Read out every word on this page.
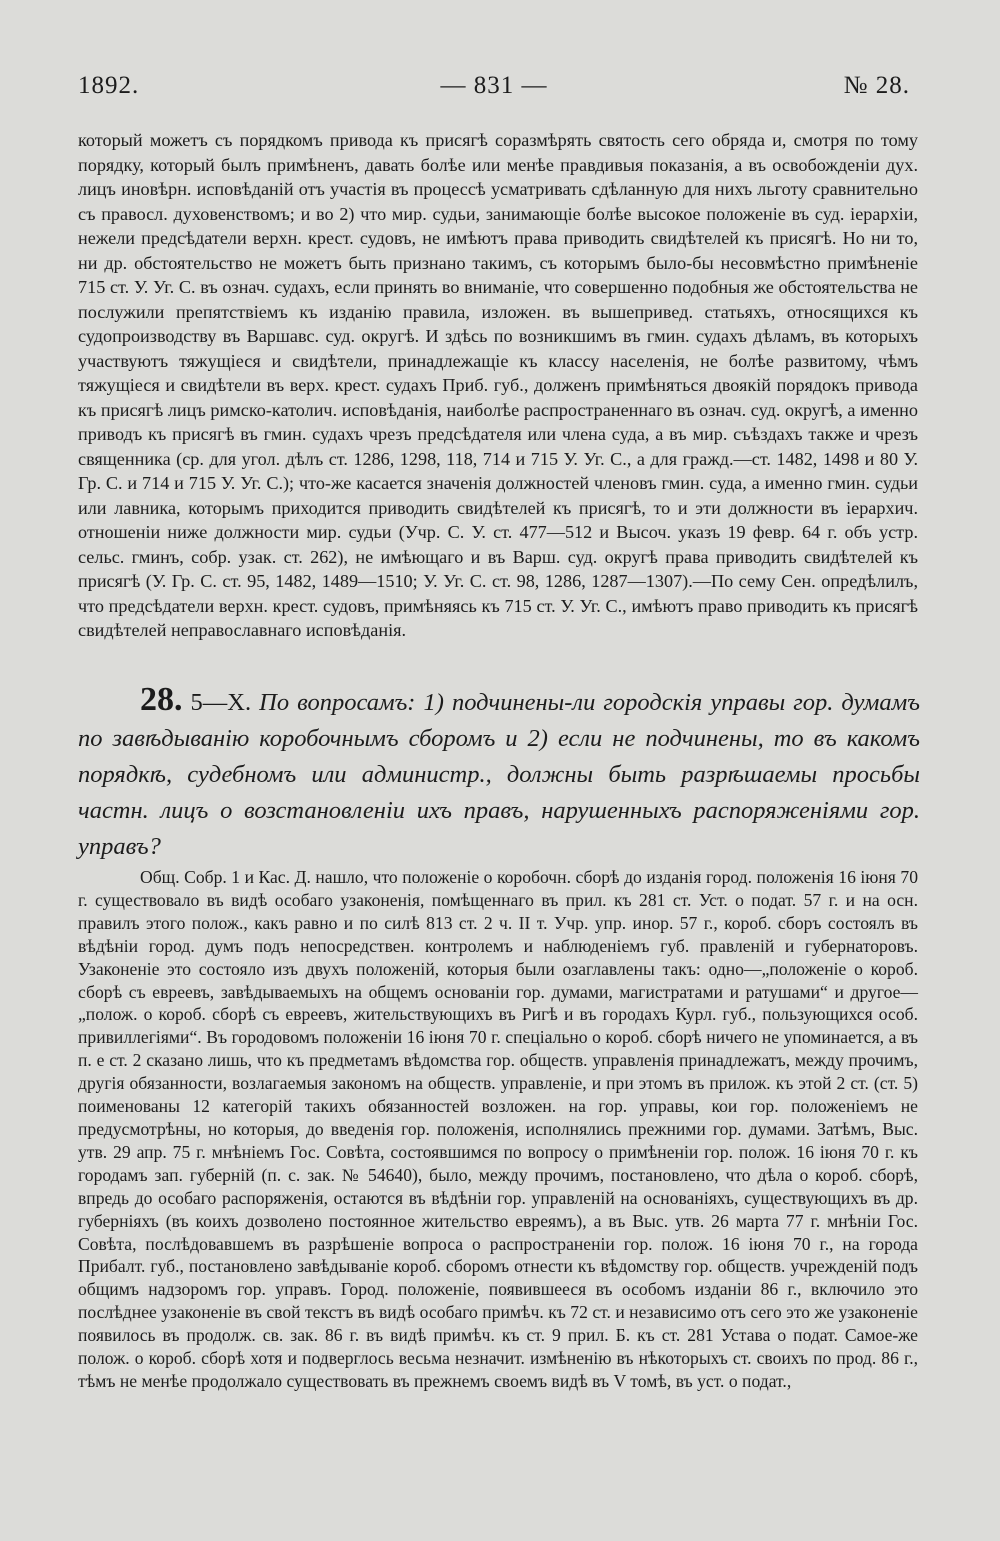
1892.	— 831 —	№ 28.

который можетъ съ порядкомъ привода къ присягѣ соразмѣрять святость сего обряда и, смотря по тому порядку, который былъ примѣненъ, давать болѣе или менѣе правдивыя показанія, а въ освобожденіи дух. лицъ иновѣрн. исповѣданій отъ участія въ процессѣ усматривать сдѣланную для нихъ льготу сравнительно съ правосл. духовенствомъ; и во 2) что мир. судьи, занимающіе болѣе высокое положеніе въ суд. іерархіи, нежели предсѣдатели верхн. крест. судовъ, не имѣютъ права приводить свидѣтелей къ присягѣ. Но ни то, ни др. обстоятельство не можетъ быть признано такимъ, съ которымъ было-бы несовмѣстно примѣненіе 715 ст. У. Уг. С. въ означ. судахъ, если принять во вниманіе, что совершенно подобныя же обстоятельства не послужили препятствіемъ къ изданію правила, изложен. въ вышепривед. статьяхъ, относящихся къ судопроизводству въ Варшавс. суд. округѣ. И здѣсь по возникшимъ въ гмин. судахъ дѣламъ, въ которыхъ участвуютъ тяжущіеся и свидѣтели, принадлежащіе къ классу населенія, не болѣе развитому, чѣмъ тяжущіеся и свидѣтели въ верх. крест. судахъ Приб. губ., долженъ примѣняться двоякій порядокъ привода къ присягѣ лицъ римско-католич. исповѣданія, наиболѣе распространеннаго въ означ. суд. округѣ, а именно приводъ къ присягѣ въ гмин. судахъ чрезъ предсѣдателя или члена суда, а въ мир. съѣздахъ также и чрезъ священника (ср. для угол. дѣлъ ст. 1286, 1298, 118, 714 и 715 У. Уг. С., а для гражд.—ст. 1482, 1498 и 80 У. Гр. С. и 714 и 715 У. Уг. С.); что-же касается значенія должностей членовъ гмин. суда, а именно гмин. судьи или лавника, которымъ приходится приводить свидѣтелей къ присягѣ, то и эти должности въ іерархич. отношеніи ниже должности мир. судьи (Учр. С. У. ст. 477—512 и Высоч. указъ 19 февр. 64 г. объ устр. сельс. гминъ, собр. узак. ст. 262), не имѣющаго и въ Варш. суд. округѣ права приводить свидѣтелей къ присягѣ (У. Гр. С. ст. 95, 1482, 1489—1510; У. Уг. С. ст. 98, 1286, 1287—1307).—По сему Сен. опредѣлилъ, что предсѣдатели верхн. крест. судовъ, примѣняясь къ 715 ст. У. Уг. С., имѣютъ право приводить къ присягѣ свидѣтелей неправославнаго исповѣданія.

28. 5—X. По вопросамъ: 1) подчинены-ли городскія управы гор. думамъ по завѣдыванію коробочнымъ сборомъ и 2) если не подчинены, то въ какомъ порядкѣ, судебномъ или администр., должны быть разрѣшаемы просьбы частн. лицъ о возстановленіи ихъ правъ, нарушенныхъ распоряженіями гор. управъ?

Общ. Собр. 1 и Кас. Д. нашло, что положеніе о коробочн. сборѣ до изданія город. положенія 16 іюня 70 г. существовало въ видѣ особаго узаконенія, помѣщеннаго въ прил. къ 281 ст. Уст. о подат. 57 г. и на осн. правилъ этого полож., какъ равно и по силѣ 813 ст. 2 ч. II т. Учр. упр. инор. 57 г., короб. сборъ состоялъ въ вѣдѣніи город. думъ подъ непосредствен. контролемъ и наблюденіемъ губ. правленій и губернаторовъ. Узаконеніе это состояло изъ двухъ положеній, которыя были озаглавлены такъ: одно—„положеніе о короб. сборѣ съ евреевъ, завѣдываемыхъ на общемъ основаніи гор. думами, магистратами и ратушами“ и другое—„полож. о короб. сборѣ съ евреевъ, жительствующихъ въ Ригѣ и въ городахъ Курл. губ., пользующихся особ. привиллегіями“. Въ городовомъ положеніи 16 іюня 70 г. спеціально о короб. сборѣ ничего не упоминается, а въ п. е ст. 2 сказано лишь, что къ предметамъ вѣдомства гор. обществ. управленія принадлежатъ, между прочимъ, другія обязанности, возлагаемыя закономъ на обществ. управленіе, и при этомъ въ прилож. къ этой 2 ст. (ст. 5) поименованы 12 категорій такихъ обязанностей возложен. на гор. управы, кои гор. положеніемъ не предусмотрѣны, но которыя, до введенія гор. положенія, исполнялись прежними гор. думами. Затѣмъ, Выс. утв. 29 апр. 75 г. мнѣніемъ Гос. Совѣта, состоявшимся по вопросу о примѣненіи гор. полож. 16 іюня 70 г. къ городамъ зап. губерній (п. с. зак. № 54640), было, между прочимъ, постановлено, что дѣла о короб. сборѣ, впредь до особаго распоряженія, остаются въ вѣдѣніи гор. управленій на основаніяхъ, существующихъ въ др. губерніяхъ (въ коихъ дозволено постоянное жительство евреямъ), а въ Выс. утв. 26 марта 77 г. мнѣніи Гос. Совѣта, послѣдовавшемъ въ разрѣшеніе вопроса о распространеніи гор. полож. 16 іюня 70 г., на города Прибалт. губ., постановлено завѣдываніе короб. сборомъ отнести къ вѣдомству гор. обществ. учрежденій подъ общимъ надзоромъ гор. управъ. Город. положеніе, появившееся въ особомъ изданіи 86 г., включило это послѣднее узаконеніе въ свой текстъ въ видѣ особаго примѣч. къ 72 ст. и независимо отъ сего это же узаконеніе появилось въ продолж. св. зак. 86 г. въ видѣ примѣч. къ ст. 9 прил. Б. къ ст. 281 Устава о подат. Самое-же полож. о короб. сборѣ хотя и подверглось весьма незначит. измѣненію въ нѣкоторыхъ ст. своихъ по прод. 86 г., тѣмъ не менѣе продолжало существовать въ прежнемъ своемъ видѣ въ V томѣ, въ уст. о подат.,
